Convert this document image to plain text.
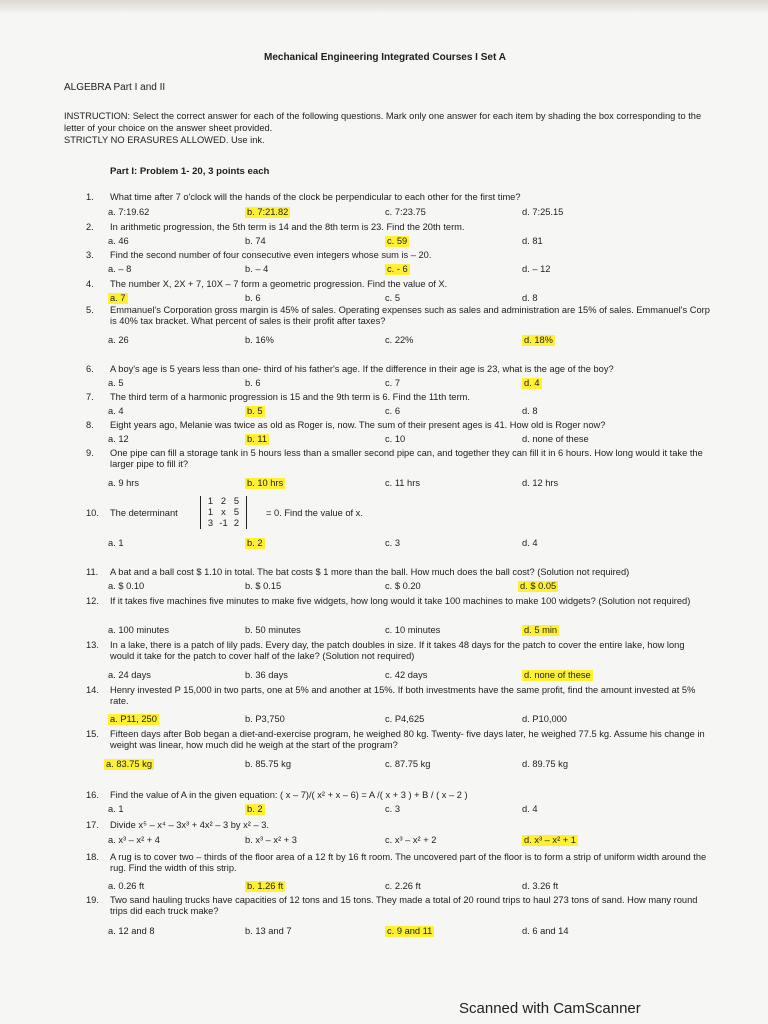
Mechanical Engineering Integrated Courses I Set A
ALGEBRA Part I and II
INSTRUCTION: Select the correct answer for each of the following questions. Mark only one answer for each item by shading the box corresponding to the letter of your choice on the answer sheet provided.
STRICTLY NO ERASURES ALLOWED. Use ink.
Part I: Problem 1- 20, 3 points each
1. What time after 7 o'clock will the hands of the clock be perpendicular to each other for the first time?
a. 7:19.62	b. 7:21.82	c. 7:23.75	d. 7:25.15
2. In arithmetic progression, the 5th term is 14 and the 8th term is 23. Find the 20th term.
a. 46	b. 74	c. 59	d. 81
3. Find the second number of four consecutive even integers whose sum is – 20.
a. – 8	b. – 4	c. - 6	d. – 12
4. The number X, 2X + 7, 10X – 7 form a geometric progression. Find the value of X.
a. 7	b. 6	c. 5	d. 8
5. Emmanuel's Corporation gross margin is 45% of sales. Operating expenses such as sales and administration are 15% of sales. Emmanuel's Corp is 40% tax bracket. What percent of sales is their profit after taxes?
a. 26	b. 16%	c. 22%	d. 18%
6. A boy's age is 5 years less than one- third of his father's age. If the difference in their age is 23, what is the age of the boy?
a. 5	b. 6	c. 7	d. 4
7. The third term of a harmonic progression is 15 and the 9th term is 6. Find the 11th term.
a. 4	b. 5	c. 6	d. 8
8. Eight years ago, Melanie was twice as old as Roger is, now. The sum of their present ages is 41. How old is Roger now?
a. 12	b. 11	c. 10	d. none of these
9. One pipe can fill a storage tank in 5 hours less than a smaller second pipe can, and together they can fill it in 6 hours. How long would it take the larger pipe to fill it?
a. 9 hrs	b. 10 hrs	c. 11 hrs	d. 12 hrs
10. The determinant
1 2 5
1 x 5
3 -1 2
= 0. Find the value of x.
a. 1	b. 2	c. 3	d. 4
11. A bat and a ball cost $ 1.10 in total. The bat costs $ 1 more than the ball. How much does the ball cost? (Solution not required)
a. $ 0.10	b. $ 0.15	c. $ 0.20	d. $ 0.05
12. If it takes five machines five minutes to make five widgets, how long would it take 100 machines to make 100 widgets? (Solution not required)
a. 100 minutes	b. 50 minutes	c. 10 minutes	d. 5 min
13. In a lake, there is a patch of lily pads. Every day, the patch doubles in size. If it takes 48 days for the patch to cover the entire lake, how long would it take for the patch to cover half of the lake? (Solution not required)
a. 24 days	b. 36 days	c. 42 days	d. none of these
14. Henry invested P 15,000 in two parts, one at 5% and another at 15%. If both investments have the same profit, find the amount invested at 5% rate.
a. P11, 250	b. P3,750	c. P4,625	d. P10,000
15. Fifteen days after Bob began a diet-and-exercise program, he weighed 80 kg. Twenty- five days later, he weighed 77.5 kg. Assume his change in weight was linear, how much did he weigh at the start of the program?
a. 83.75 kg	b. 85.75 kg	c. 87.75 kg	d. 89.75 kg
16. Find the value of A in the given equation: ( x – 7)/( x² + x – 6) = A /( x + 3 ) + B / ( x – 2 )
a. 1	b. 2	c. 3	d. 4
17. Divide x⁵ – x⁴ – 3x³ + 4x² – 3 by x² – 3.
a. x³ – x² + 4	b. x³ – x² + 3	c. x³ – x² + 2	d. x³ – x² + 1
18. A rug is to cover two – thirds of the floor area of a 12 ft by 16 ft room. The uncovered part of the floor is to form a strip of uniform width around the rug. Find the width of this strip.
a. 0.26 ft	b. 1.26 ft	c. 2.26 ft	d. 3.26 ft
19. Two sand hauling trucks have capacities of 12 tons and 15 tons. They made a total of 20 round trips to haul 273 tons of sand. How many round trips did each truck make?
a. 12 and 8	b. 13 and 7	c. 9 and 11	d. 6 and 14
Scanned with CamScanner
